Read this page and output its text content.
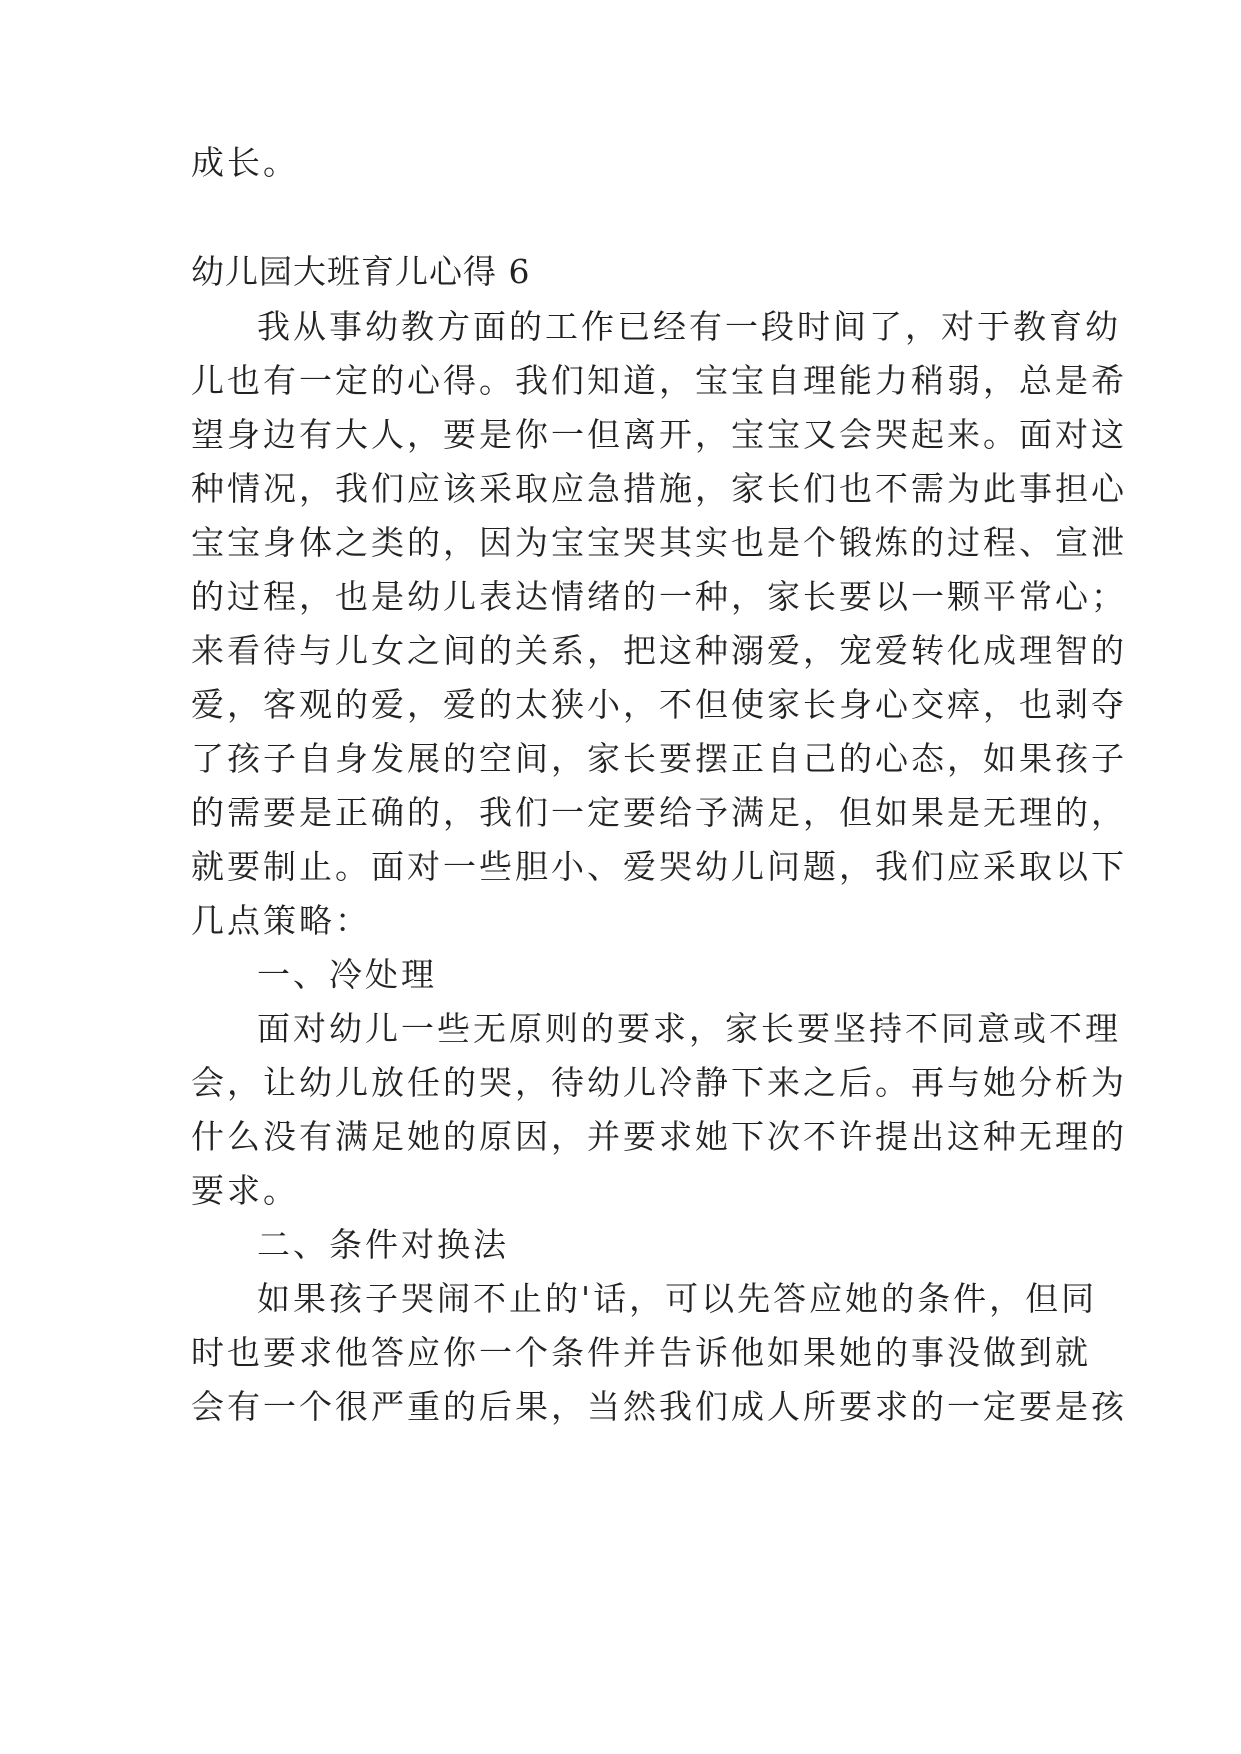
成长。
幼儿园大班育儿心得 6
我从事幼教方面的工作已经有一段时间了，对于教育幼
儿也有一定的心得。我们知道，宝宝自理能力稍弱，总是希
望身边有大人，要是你一但离开，宝宝又会哭起来。面对这
种情况，我们应该采取应急措施，家长们也不需为此事担心
宝宝身体之类的，因为宝宝哭其实也是个锻炼的过程、宣泄
的过程，也是幼儿表达情绪的一种，家长要以一颗平常心；
来看待与儿女之间的关系，把这种溺爱，宠爱转化成理智的
爱，客观的爱，爱的太狭小，不但使家长身心交瘁，也剥夺
了孩子自身发展的空间，家长要摆正自己的心态，如果孩子
的需要是正确的，我们一定要给予满足，但如果是无理的，
就要制止。面对一些胆小、爱哭幼儿问题，我们应采取以下
几点策略：
一、冷处理
面对幼儿一些无原则的要求，家长要坚持不同意或不理
会，让幼儿放任的哭，待幼儿冷静下来之后。再与她分析为
什么没有满足她的原因，并要求她下次不许提出这种无理的
要求。
二、条件对换法
如果孩子哭闹不止的'话，可以先答应她的条件，但同
时也要求他答应你一个条件并告诉他如果她的事没做到就
会有一个很严重的后果，当然我们成人所要求的一定要是孩
